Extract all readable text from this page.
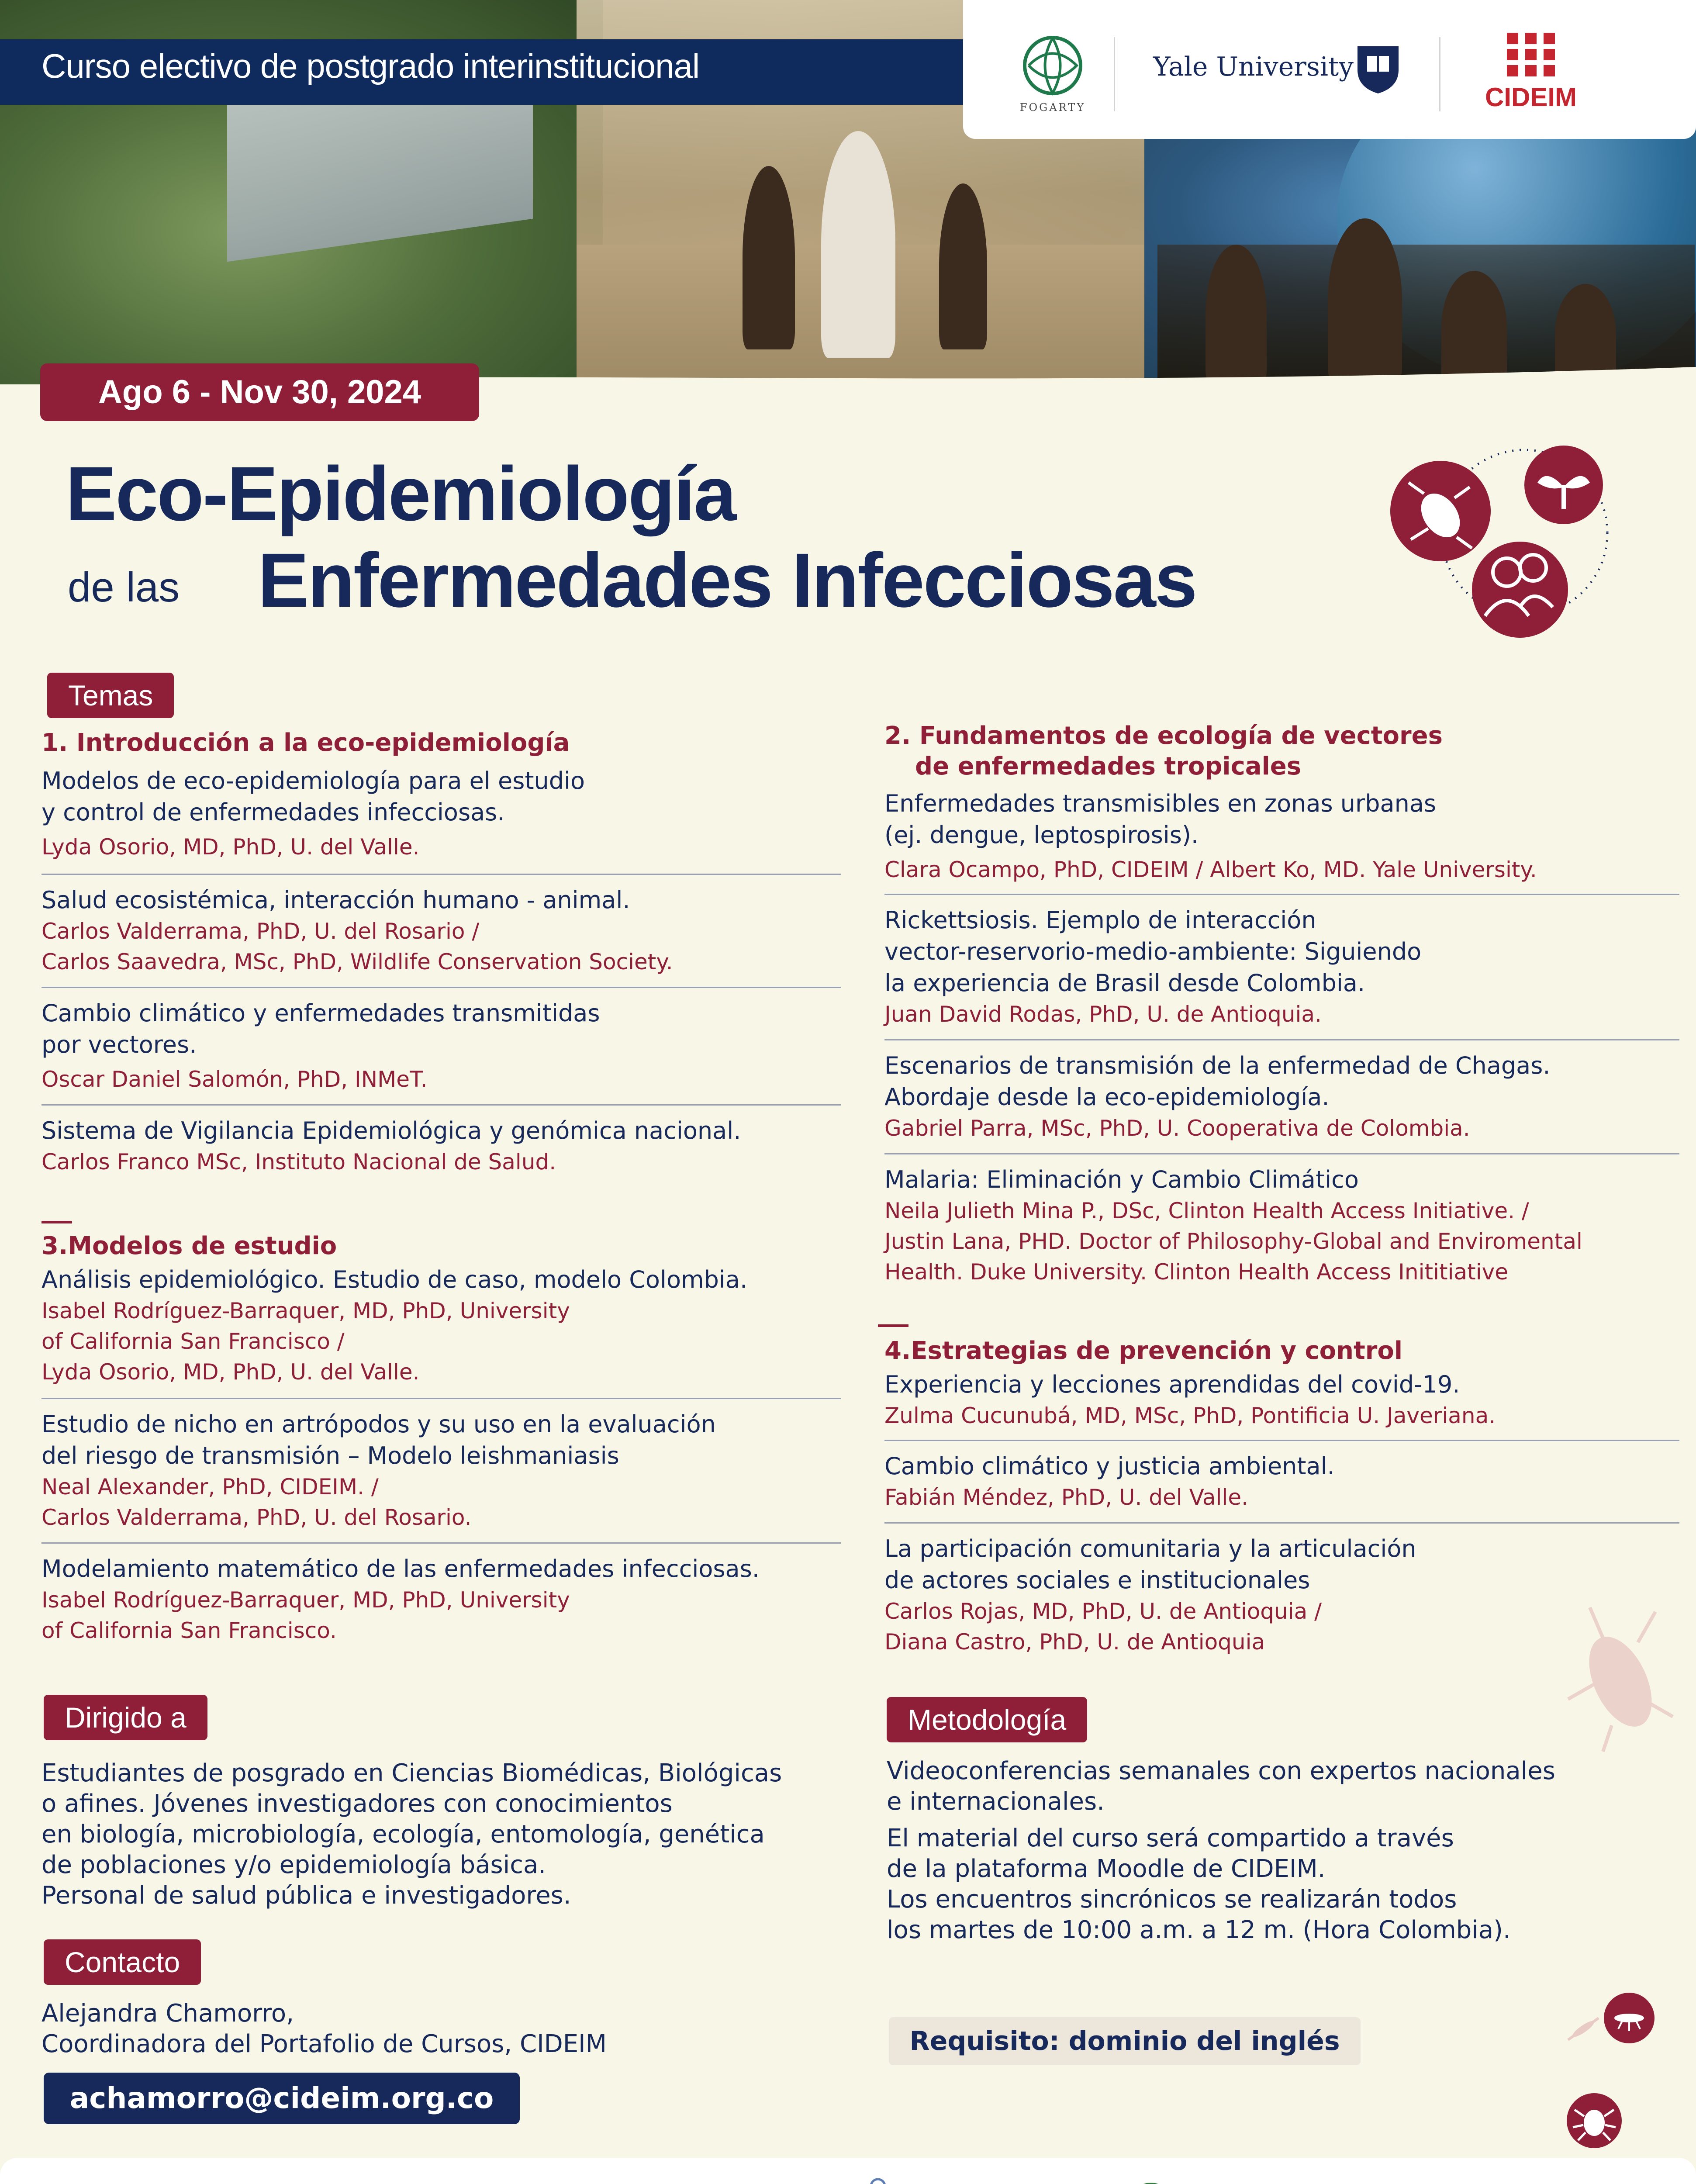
Curso electivo de postgrado interinstitucional
FOGARTY
Yale University
CIDEIM
Ago 6 - Nov 30, 2024
Eco-Epidemiología
de las Enfermedades Infecciosas
Temas
1. Introducción a la eco-epidemiología
Modelos de eco-epidemiología para el estudio
y control de enfermedades infecciosas.
Lyda Osorio, MD, PhD, U. del Valle.
Salud ecosistémica, interacción humano - animal.
Carlos Valderrama, PhD, U. del Rosario /
Carlos Saavedra, MSc, PhD, Wildlife Conservation Society.
Cambio climático y enfermedades transmitidas
por vectores.
Oscar Daniel Salomón, PhD, INMeT.
Sistema de Vigilancia Epidemiológica y genómica nacional.
Carlos Franco MSc, Instituto Nacional de Salud.
3.Modelos de estudio
Análisis epidemiológico. Estudio de caso, modelo Colombia.
Isabel Rodríguez-Barraquer, MD, PhD, University
of California San Francisco /
Lyda Osorio, MD, PhD, U. del Valle.
Estudio de nicho en artrópodos y su uso en la evaluación
del riesgo de transmisión – Modelo leishmaniasis
Neal Alexander, PhD, CIDEIM. /
Carlos Valderrama, PhD, U. del Rosario.
Modelamiento matemático de las enfermedades infecciosas.
Isabel Rodríguez-Barraquer, MD, PhD, University
of California San Francisco.
2. Fundamentos de ecología de vectores
de enfermedades tropicales
Enfermedades transmisibles en zonas urbanas
(ej. dengue, leptospirosis).
Clara Ocampo, PhD, CIDEIM / Albert Ko, MD. Yale University.
Rickettsiosis. Ejemplo de interacción
vector-reservorio-medio-ambiente: Siguiendo
la experiencia de Brasil desde Colombia.
Juan David Rodas, PhD, U. de Antioquia.
Escenarios de transmisión de la enfermedad de Chagas.
Abordaje desde la eco-epidemiología.
Gabriel Parra, MSc, PhD, U. Cooperativa de Colombia.
Malaria: Eliminación y Cambio Climático
Neila Julieth Mina P., DSc, Clinton Health Access Initiative. /
Justin Lana, PHD. Doctor of Philosophy-Global and Enviromental
Health. Duke University. Clinton Health Access Inititiative
4.Estrategias de prevención y control
Experiencia y lecciones aprendidas del covid-19.
Zulma Cucunubá, MD, MSc, PhD, Pontificia U. Javeriana.
Cambio climático y justicia ambiental.
Fabián Méndez, PhD, U. del Valle.
La participación comunitaria y la articulación
de actores sociales e institucionales
Carlos Rojas, MD, PhD, U. de Antioquia /
Diana Castro, PhD, U. de Antioquia
Dirigido a
Estudiantes de posgrado en Ciencias Biomédicas, Biológicas
o afines. Jóvenes investigadores con conocimientos
en biología, microbiología, ecología, entomología, genética
de poblaciones y/o epidemiología básica.
Personal de salud pública e investigadores.
Metodología
Videoconferencias semanales con expertos nacionales
e internacionales.
El material del curso será compartido a través
de la plataforma Moodle de CIDEIM.
Los encuentros sincrónicos se realizarán todos
los martes de 10:00 a.m. a 12 m. (Hora Colombia).
Contacto
Alejandra Chamorro,
Coordinadora del Portafolio de Cursos, CIDEIM
achamorro@cideim.org.co
Requisito: dominio del inglés
